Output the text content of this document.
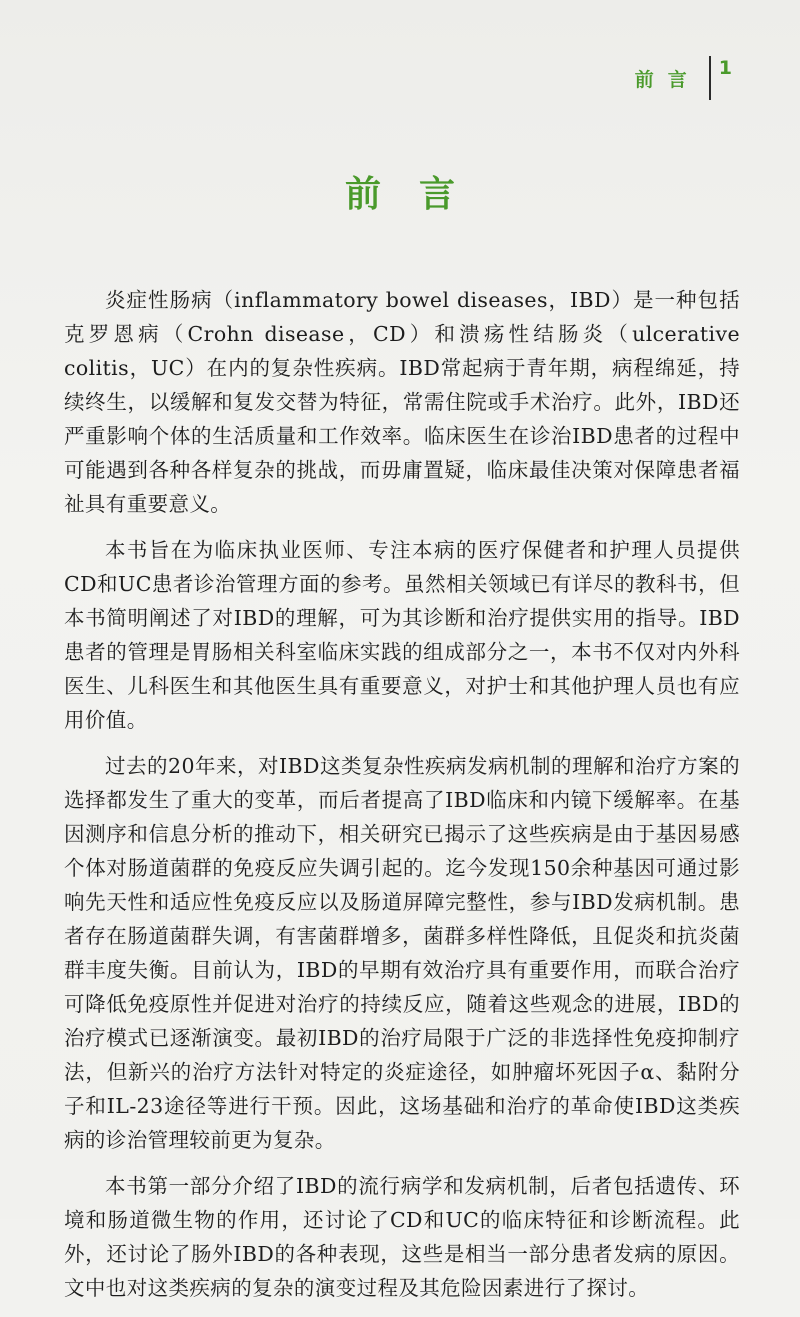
前言
1
前言

炎症性肠病（inflammatory bowel diseases，IBD）是一种包括克罗恩病（Crohn disease，CD）和溃疡性结肠炎（ulcerative colitis，UC）在内的复杂性疾病。IBD常起病于青年期，病程绵延，持续终生，以缓解和复发交替为特征，常需住院或手术治疗。此外，IBD还严重影响个体的生活质量和工作效率。临床医生在诊治IBD患者的过程中可能遇到各种各样复杂的挑战，而毋庸置疑，临床最佳决策对保障患者福祉具有重要意义。

本书旨在为临床执业医师、专注本病的医疗保健者和护理人员提供CD和UC患者诊治管理方面的参考。虽然相关领域已有详尽的教科书，但本书简明阐述了对IBD的理解，可为其诊断和治疗提供实用的指导。IBD患者的管理是胃肠相关科室临床实践的组成部分之一，本书不仅对内外科医生、儿科医生和其他医生具有重要意义，对护士和其他护理人员也有应用价值。

过去的20年来，对IBD这类复杂性疾病发病机制的理解和治疗方案的选择都发生了重大的变革，而后者提高了IBD临床和内镜下缓解率。在基因测序和信息分析的推动下，相关研究已揭示了这些疾病是由于基因易感个体对肠道菌群的免疫反应失调引起的。迄今发现150余种基因可通过影响先天性和适应性免疫反应以及肠道屏障完整性，参与IBD发病机制。患者存在肠道菌群失调，有害菌群增多，菌群多样性降低，且促炎和抗炎菌群丰度失衡。目前认为，IBD的早期有效治疗具有重要作用，而联合治疗可降低免疫原性并促进对治疗的持续反应，随着这些观念的进展，IBD的治疗模式已逐渐演变。最初IBD的治疗局限于广泛的非选择性免疫抑制疗法，但新兴的治疗方法针对特定的炎症途径，如肿瘤坏死因子α、黏附分子和IL-23途径等进行干预。因此，这场基础和治疗的革命使IBD这类疾病的诊治管理较前更为复杂。

本书第一部分介绍了IBD的流行病学和发病机制，后者包括遗传、环境和肠道微生物的作用，还讨论了CD和UC的临床特征和诊断流程。此外，还讨论了肠外IBD的各种表现，这些是相当一部分患者发病的原因。文中也对这类疾病的复杂的演变过程及其危险因素进行了探讨。
